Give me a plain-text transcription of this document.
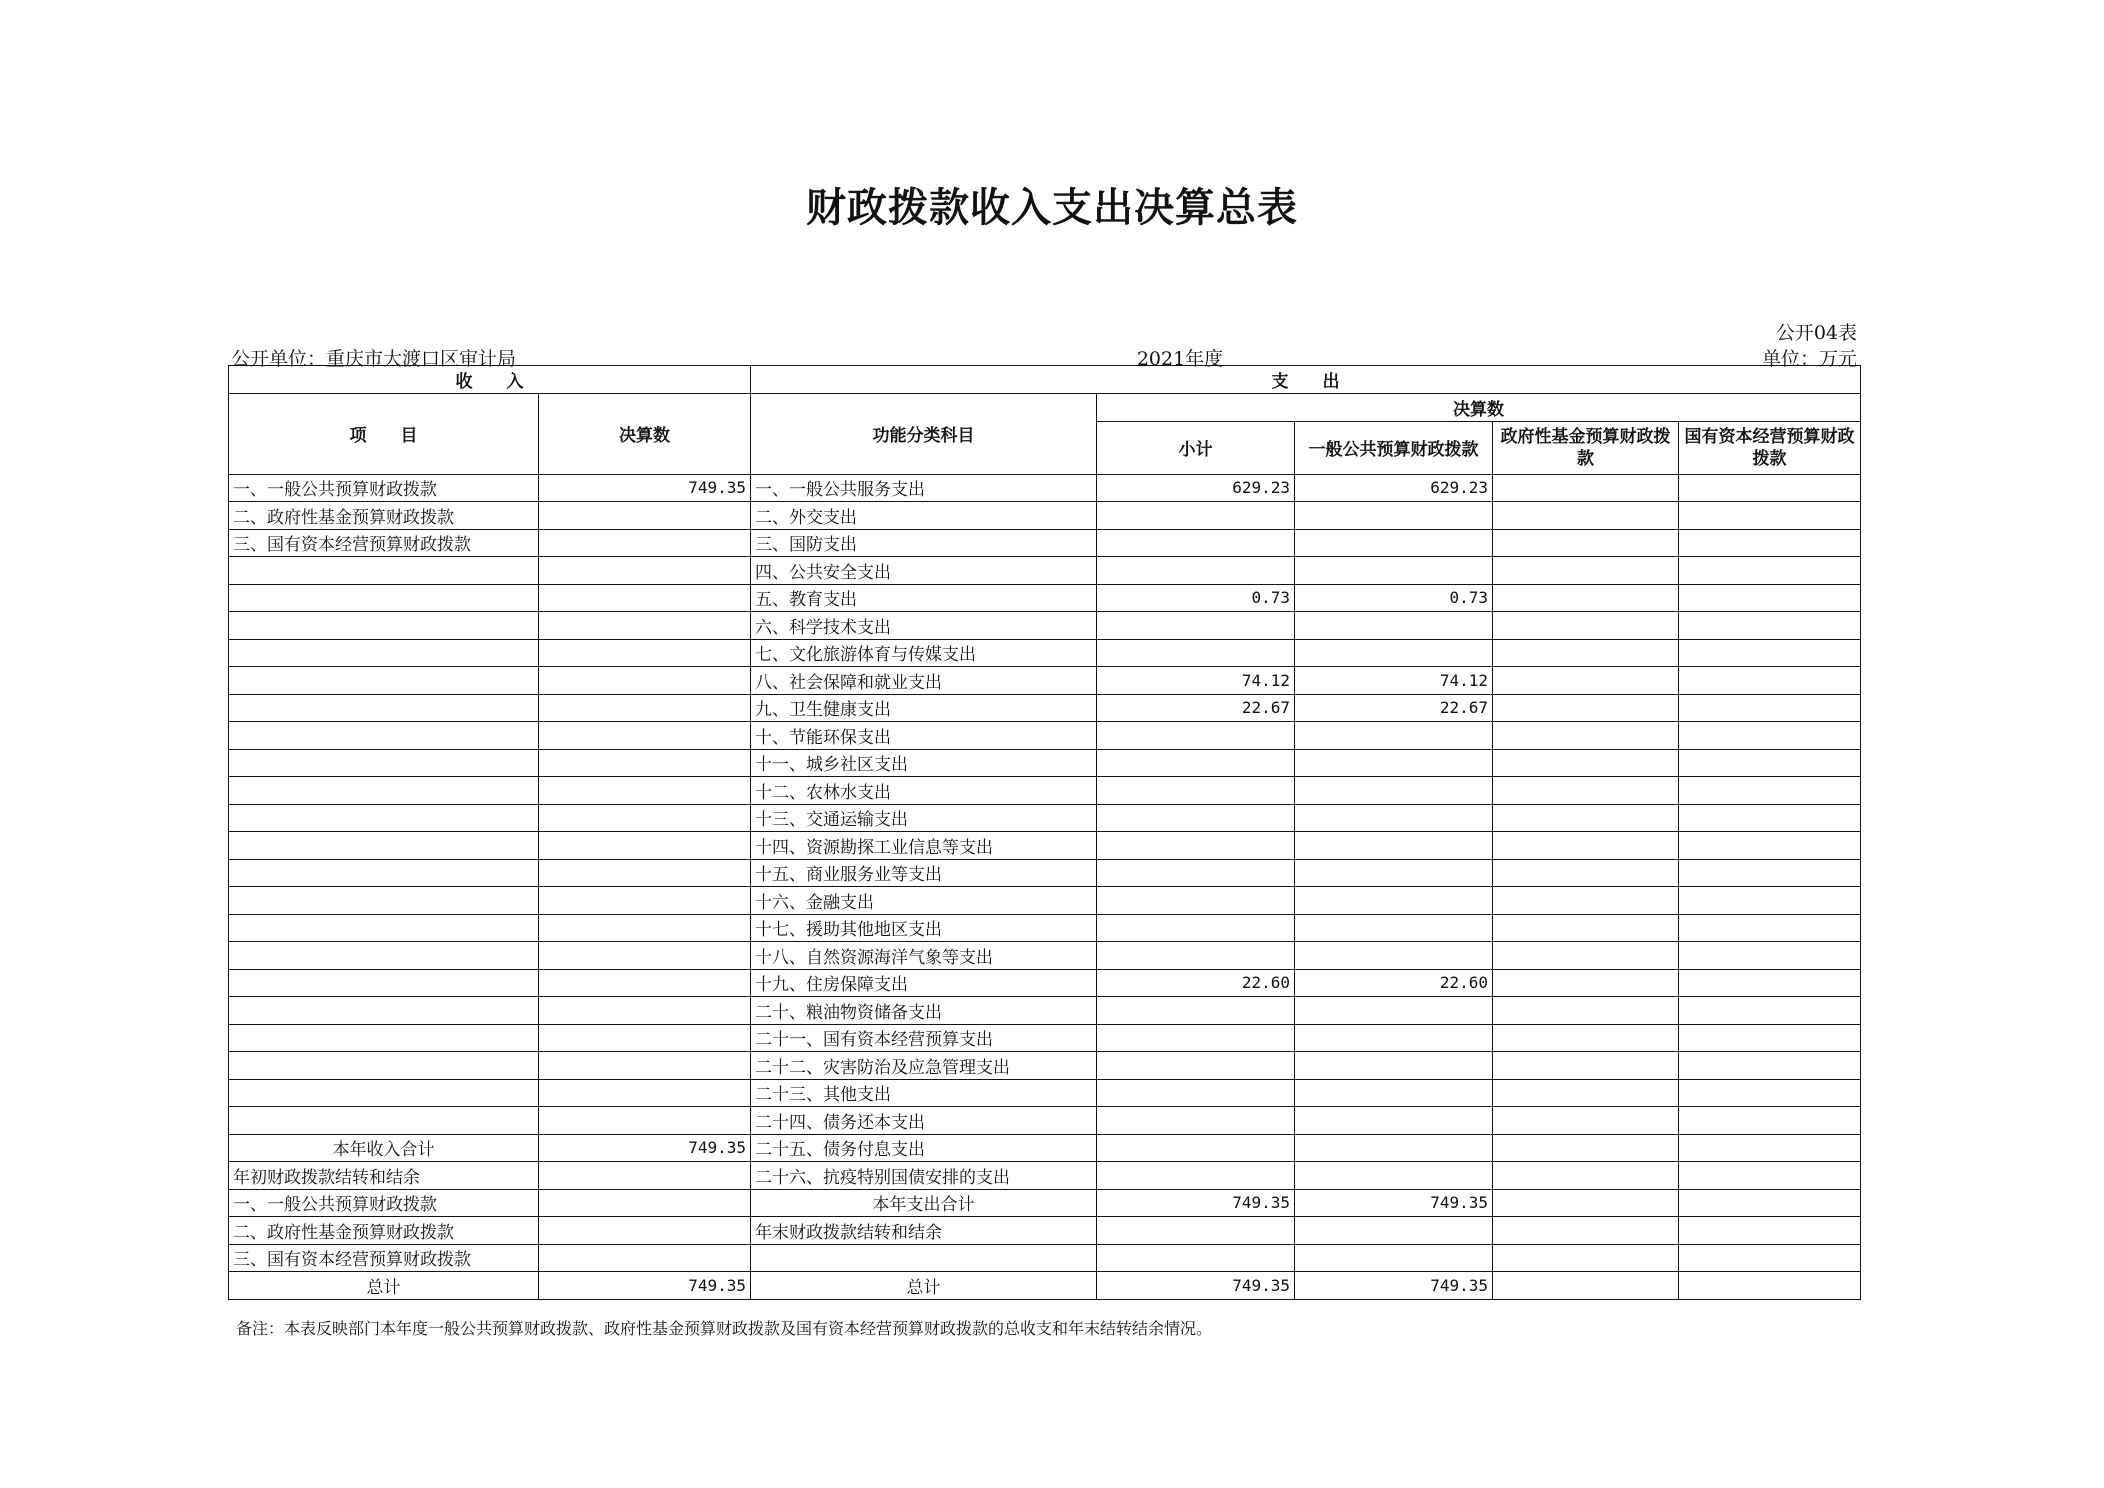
财政拨款收入支出决算总表
公开04表
公开单位：重庆市大渡口区审计局	2021年度	单位：万元
收　　入		支　　出				
项　　目	决算数	功能分类科目	决算数			
			小计	一般公共预算财政拨款	政府性基金预算财政拨款	国有资本经营预算财政拨款
一、一般公共预算财政拨款	749.35	一、一般公共服务支出	629.23	629.23		
二、政府性基金预算财政拨款		二、外交支出				
三、国有资本经营预算财政拨款		三、国防支出				
		四、公共安全支出				
		五、教育支出	0.73	0.73		
		六、科学技术支出				
		七、文化旅游体育与传媒支出				
		八、社会保障和就业支出	74.12	74.12		
		九、卫生健康支出	22.67	22.67		
		十、节能环保支出				
		十一、城乡社区支出				
		十二、农林水支出				
		十三、交通运输支出				
		十四、资源勘探工业信息等支出				
		十五、商业服务业等支出				
		十六、金融支出				
		十七、援助其他地区支出				
		十八、自然资源海洋气象等支出				
		十九、住房保障支出	22.60	22.60		
		二十、粮油物资储备支出				
		二十一、国有资本经营预算支出				
		二十二、灾害防治及应急管理支出				
		二十三、其他支出				
		二十四、债务还本支出				
本年收入合计	749.35	二十五、债务付息支出				
年初财政拨款结转和结余		二十六、抗疫特别国债安排的支出				
一、一般公共预算财政拨款		本年支出合计	749.35	749.35		
二、政府性基金预算财政拨款		年末财政拨款结转和结余				
三、国有资本经营预算财政拨款						
总计	749.35	总计	749.35	749.35		
备注：本表反映部门本年度一般公共预算财政拨款、政府性基金预算财政拨款及国有资本经营预算财政拨款的总收支和年末结转结余情况。
